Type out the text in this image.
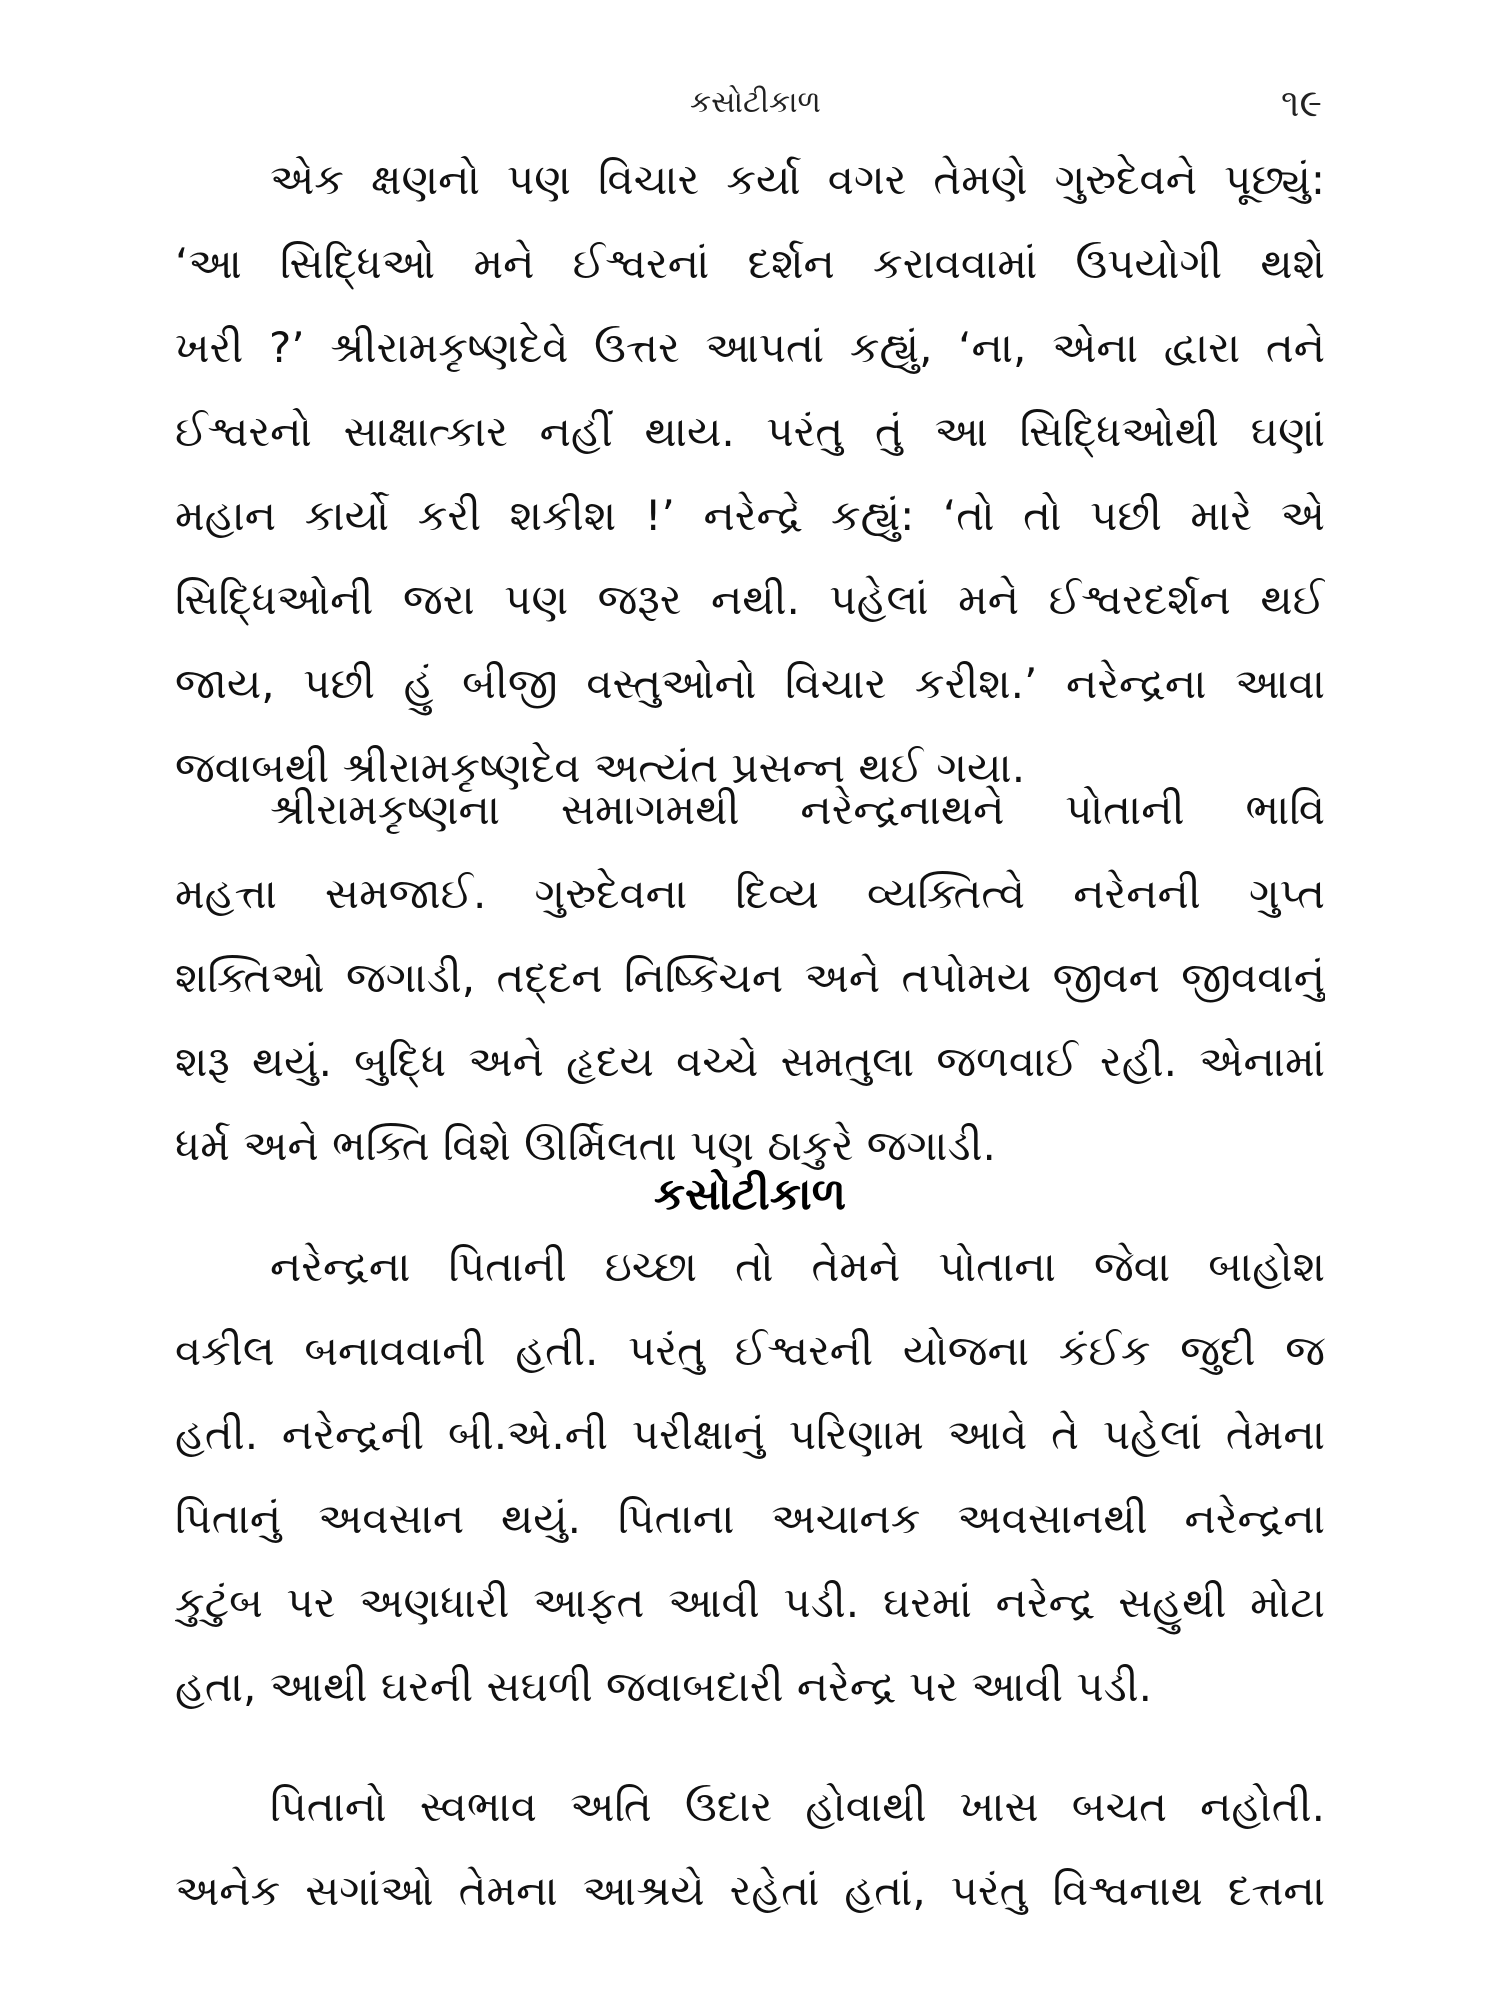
કસોટીકાળ	૧૯
એક ક્ષણનો પણ વિચાર કર્યા વગર તેમણે ગુરુદેવને પૂછ્યું:
‘આ સિદ્ધિઓ મને ઈશ્વરનાં દર્શન કરાવવામાં ઉપયોગી થશે
ખરી ?’ શ્રીરામકૃષ્ણદેવે ઉત્તર આપતાં કહ્યું, ‘ના, એના દ્વારા તને
ઈશ્વરનો સાક્ષાત્કાર નહીં થાય. પરંતુ તું આ સિદ્ધિઓથી ઘણાં
મહાન કાર્યો કરી શકીશ !’ નરેન્દ્રે કહ્યું: ‘તો તો પછી મારે એ
સિદ્ધિઓની જરા પણ જરૂર નથી. પહેલાં મને ઈશ્વરદર્શન થઈ
જાય, પછી હું બીજી વસ્તુઓનો વિચાર કરીશ.’ નરેન્દ્રના આવા
જવાબથી શ્રીરામકૃષ્ણદેવ અત્યંત પ્રસન્ન થઈ ગયા.
શ્રીરામકૃષ્ણના સમાગમથી નરેન્દ્રનાથને પોતાની ભાવિ
મહત્તા સમજાઈ. ગુરુદેવના દિવ્ય વ્યક્તિત્વે નરેનની ગુપ્ત
શક્તિઓ જગાડી, તદ્દન નિષ્કિંચન અને તપોમય જીવન જીવવાનું
શરૂ થયું. બુદ્ધિ અને હૃદય વચ્ચે સમતુલા જળવાઈ રહી. એનામાં
ધર્મ અને ભક્તિ વિશે ઊર્મિલતા પણ ઠાકુરે જગાડી.
કસોટીકાળ
નરેન્દ્રના પિતાની ઇચ્છા તો તેમને પોતાના જેવા બાહોશ
વકીલ બનાવવાની હતી. પરંતુ ઈશ્વરની યોજના કંઈક જુદી જ
હતી. નરેન્દ્રની બી.એ.ની પરીક્ષાનું પરિણામ આવે તે પહેલાં તેમના
પિતાનું અવસાન થયું. પિતાના અચાનક અવસાનથી નરેન્દ્રના
કુટુંબ પર અણધારી આફત આવી પડી. ઘરમાં નરેન્દ્ર સહુથી મોટા
હતા, આથી ઘરની સઘળી જવાબદારી નરેન્દ્ર પર આવી પડી.
પિતાનો સ્વભાવ અતિ ઉદાર હોવાથી ખાસ બચત નહોતી.
અનેક સગાંઓ તેમના આશ્રયે રહેતાં હતાં, પરંતુ વિશ્વનાથ દત્તના
